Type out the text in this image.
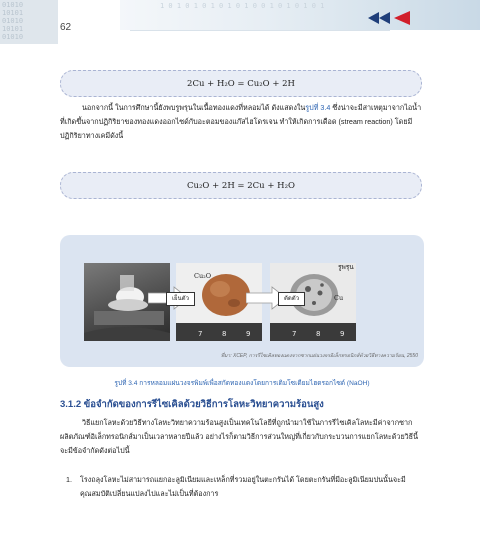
01010
10101
01010
10101
01010
62
1 0 1 0 1 0 1 0 1 0 1 0 0 1 0 1 0 1 0 1
2Cu + H₂O = Cu₂O + 2H
นอกจากนี้ ในการศึกษานี้ยังพบรูพรุนในเนื้อทองแดงที่หลอมได้ ดังแสดงในรูปที่ 3.4 ซึ่งน่าจะมีสาเหตุมาจากไอน้ำที่เกิดขึ้นจากปฏิกิริยาของทองแดงออกไซด์กับอะตอมของแก๊สไฮโดรเจน ทำให้เกิดการเดือด (stream reaction) โดยมีปฏิกิริยาทางเคมีดังนี้
Cu₂O + 2H = 2Cu + H₂O
7	8	9	7	8	9
เย็นตัว	ตัดตัว
Cu₂O
รูพรุน
Cu
ที่มา: XCEP, การรีไซเคิลทองแดงจากซากแผ่นวงจรอิเล็กทรอนิกส์ด้วยวิธีทางความร้อน, 2550
รูปที่ 3.4 การหลอมแผ่นวงจรพิมพ์เพื่อสกัดทองแดงโดยการเติมโซเดียมไฮดรอกไซด์ (NaOH)
3.1.2 ข้อจำกัดของการรีไซเคิลด้วยวิธีการโลหะวิทยาความร้อนสูง
วิธีแยกโลหะด้วยวิธีทางโลหะวิทยาความร้อนสูงเป็นเทคโนโลยีที่ถูกนำมาใช้ในการรีไซเคิลโลหะมีค่าจากซากผลิตภัณฑ์อิเล็กทรอนิกส์มาเป็นเวลาหลายปีแล้ว อย่างไรก็ตามวิธีการส่วนใหญ่ที่เกี่ยวกับกระบวนการแยกโลหะด้วยวิธีนี้จะมีข้อจำกัดดังต่อไปนี้
1.	โรงถลุงโลหะไม่สามารถแยกอะลูมิเนียมและเหล็กที่รวมอยู่ในตะกรันได้ โดยตะกรันที่มีอะลูมิเนียมปนนั้นจะมีคุณสมบัติเปลี่ยนแปลงไปและไม่เป็นที่ต้องการ
